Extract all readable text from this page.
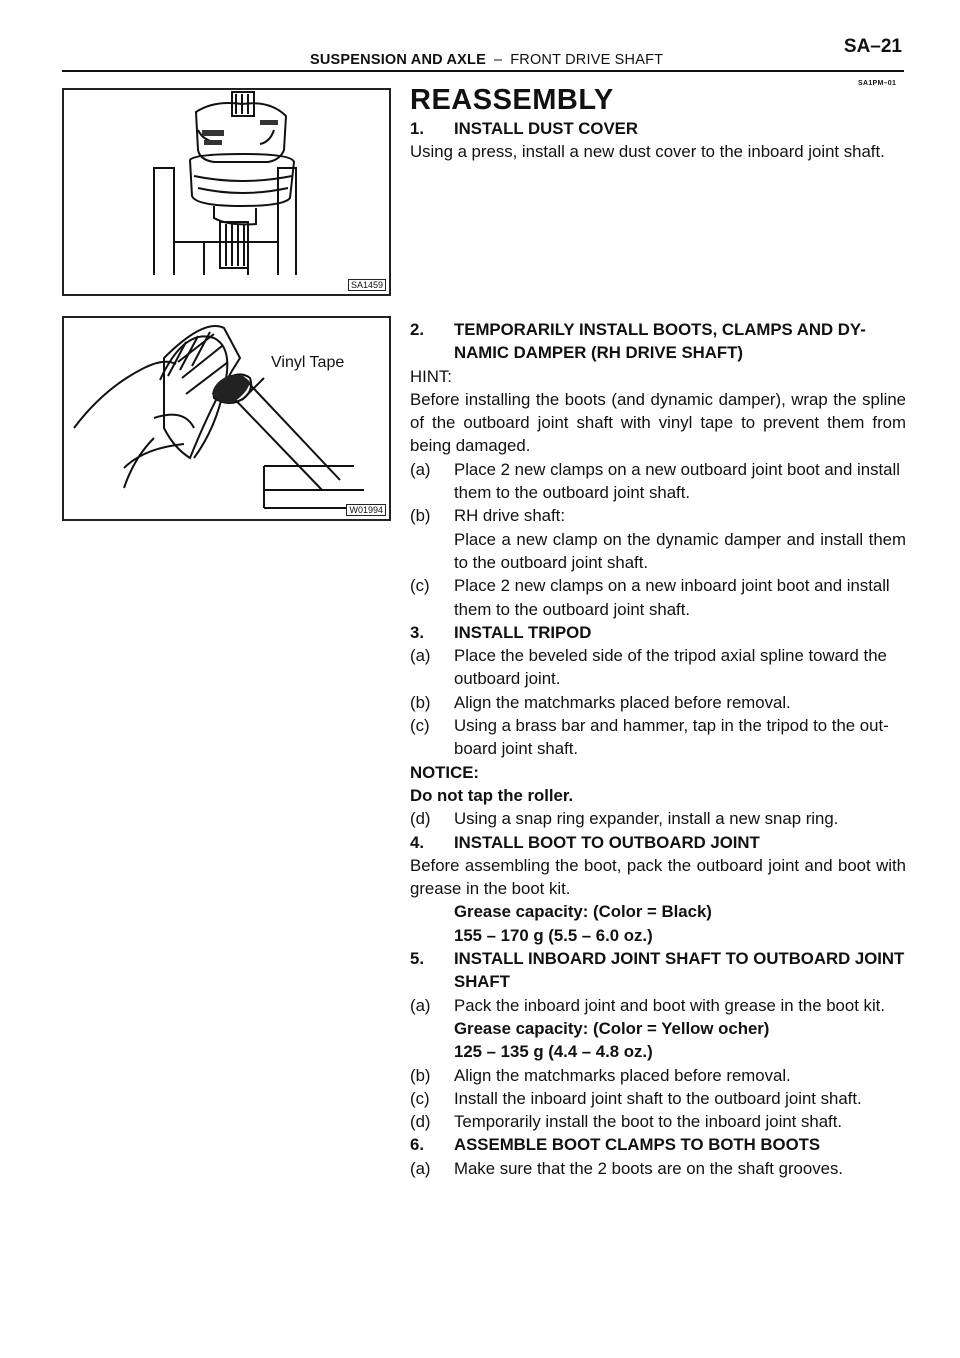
SUSPENSION AND AXLE – FRONT DRIVE SHAFT
SA–21
SA1PM–01
SA1459
Vinyl Tape
W01994
REASSEMBLY
1.	INSTALL DUST COVER

Using a press, install a new dust cover to the inboard joint shaft.

2.	TEMPORARILY INSTALL BOOTS, CLAMPS AND DY- NAMIC DAMPER (RH DRIVE SHAFT)

HINT:

Before installing the boots (and dynamic damper), wrap the spline of the outboard joint shaft with vinyl tape to prevent them from being damaged.

(a)	Place 2 new clamps on a new outboard joint boot and install them to the outboard joint shaft.
(b)	RH drive shaft:
Place a new clamp on the dynamic damper and install them to the outboard joint shaft.
(c)	Place 2 new clamps on a new inboard joint boot and install them to the outboard joint shaft.
3.	INSTALL TRIPOD
(a)	Place the beveled side of the tripod axial spline toward the outboard joint.
(b)	Align the matchmarks placed before removal.
(c)	Using a brass bar and hammer, tap in the tripod to the out- board joint shaft.

NOTICE:

Do not tap the roller.

(d)	Using a snap ring expander, install a new snap ring.
4.	INSTALL BOOT TO OUTBOARD JOINT

Before assembling the boot, pack the outboard joint and boot with grease in the boot kit.

Grease capacity: (Color = Black)

155 – 170 g (5.5 – 6.0 oz.)

5.	INSTALL INBOARD JOINT SHAFT TO OUTBOARD JOINT SHAFT
(a)	Pack the inboard joint and boot with grease in the boot kit.

Grease capacity: (Color = Yellow ocher)

125 – 135 g (4.4 – 4.8 oz.)

(b)	Align the matchmarks placed before removal.
(c)	Install the inboard joint shaft to the outboard joint shaft.
(d)	Temporarily install the boot to the inboard joint shaft.
6.	ASSEMBLE BOOT CLAMPS TO BOTH BOOTS
(a)	Make sure that the 2 boots are on the shaft grooves.
